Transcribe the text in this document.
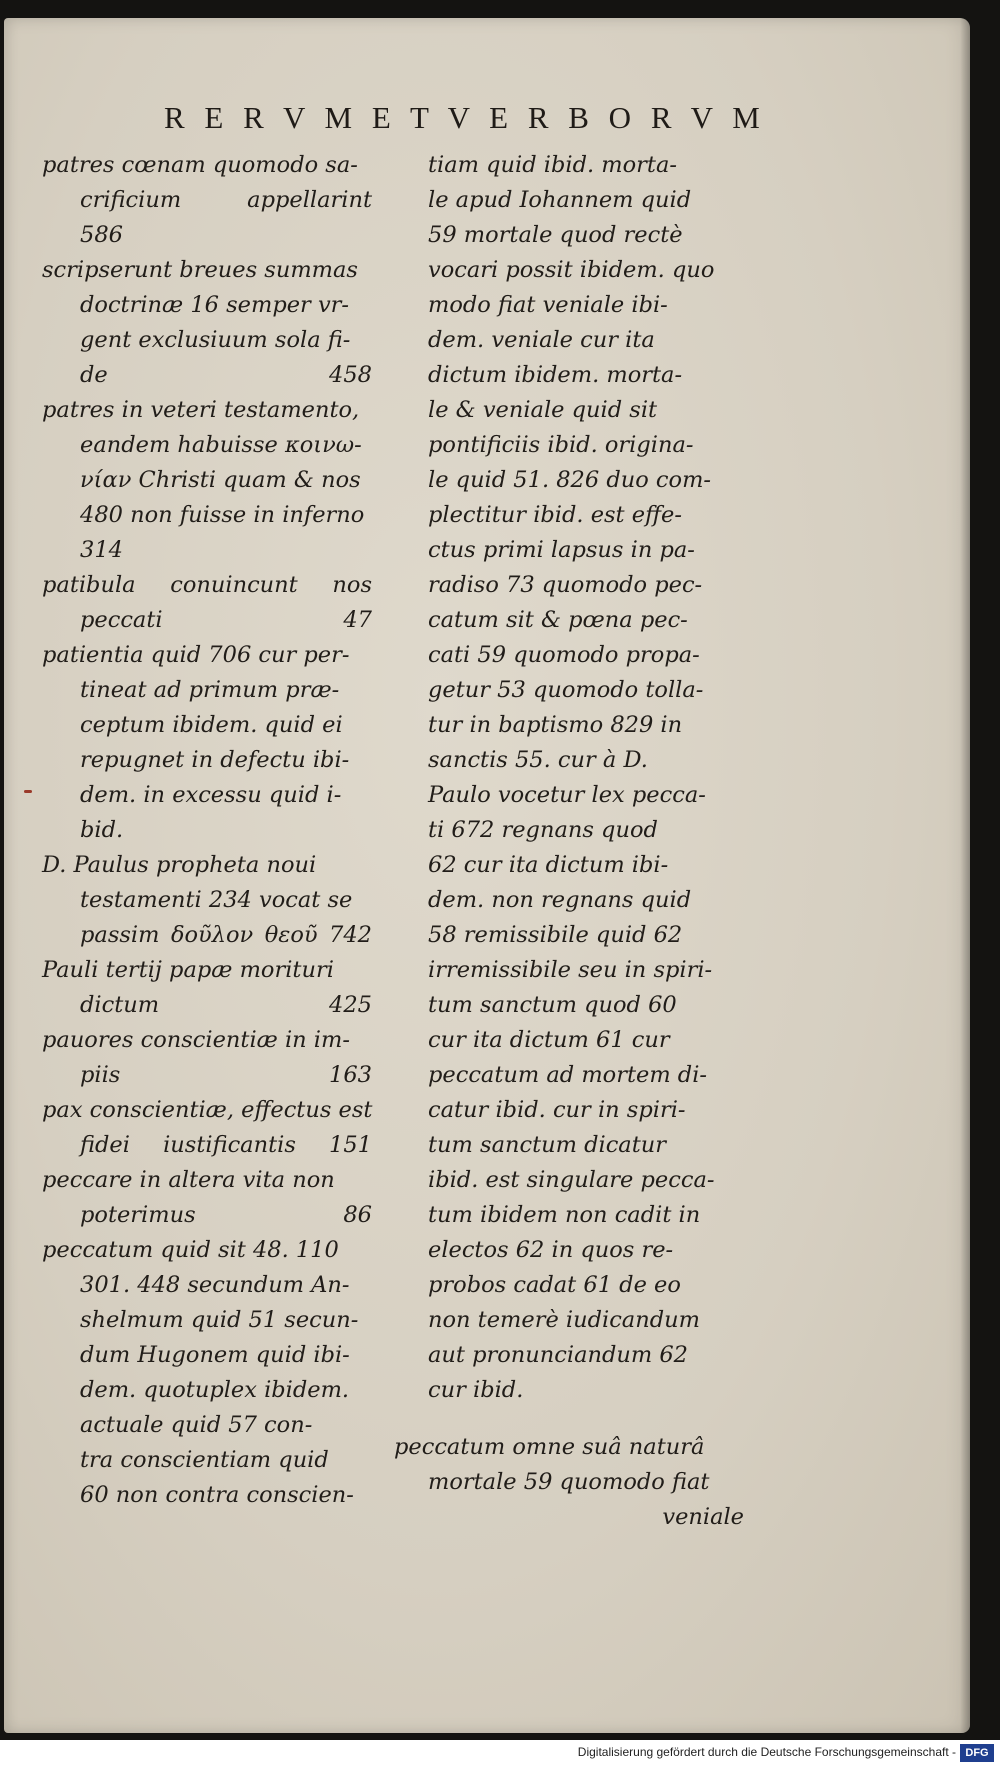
R E R V M E T V E R B O R V M
patres cœnam quomodo sa-
crificium appellarint
586
scripserunt breues summas
doctrinæ 16 semper vr-
gent exclusiuum sola fi-
de 458
patres in veteri testamento,
eandem habuisse κοινω-
νίαν Christi quam & nos
480 non fuisse in inferno
314
patibula conuincunt nos
peccati 47
patientia quid 706 cur per-
tineat ad primum præ-
ceptum ibidem. quid ei
repugnet in defectu ibi-
dem. in excessu quid i-
bid.
D. Paulus propheta noui
testamenti 234 vocat se
passim δοῦλον θεοῦ 742
Pauli tertij papæ morituri
dictum 425
pauores conscientiæ in im-
piis 163
pax conscientiæ, effectus est
fidei iustificantis 151
peccare in altera vita non
poterimus 86
peccatum quid sit 48. 110
301. 448 secundum An-
shelmum quid 51 secun-
dum Hugonem quid ibi-
dem. quotuplex ibidem.
actuale quid 57 con-
tra conscientiam quid
60 non contra conscien-
tiam quid ibid. morta-
le apud Iohannem quid
59 mortale quod rectè
vocari possit ibidem. quo
modo fiat veniale ibi-
dem. veniale cur ita
dictum ibidem. morta-
le & veniale quid sit
pontificiis ibid. origina-
le quid 51. 826 duo com-
plectitur ibid. est effe-
ctus primi lapsus in pa-
radiso 73 quomodo pec-
catum sit & pœna pec-
cati 59 quomodo propa-
getur 53 quomodo tolla-
tur in baptismo 829 in
sanctis 55. cur à D.
Paulo vocetur lex pecca-
ti 672 regnans quod
62 cur ita dictum ibi-
dem. non regnans quid
58 remissibile quid 62
irremissibile seu in spiri-
tum sanctum quod 60
cur ita dictum 61 cur
peccatum ad mortem di-
catur ibid. cur in spiri-
tum sanctum dicatur
ibid. est singulare pecca-
tum ibidem non cadit in
electos 62 in quos re-
probos cadat 61 de eo
non temerè iudicandum
aut pronunciandum 62
cur ibid.
peccatum omne suâ naturâ
mortale 59 quomodo fiat
veniale
Digitalisierung gefördert durch die Deutsche Forschungsgemeinschaft - DFG
